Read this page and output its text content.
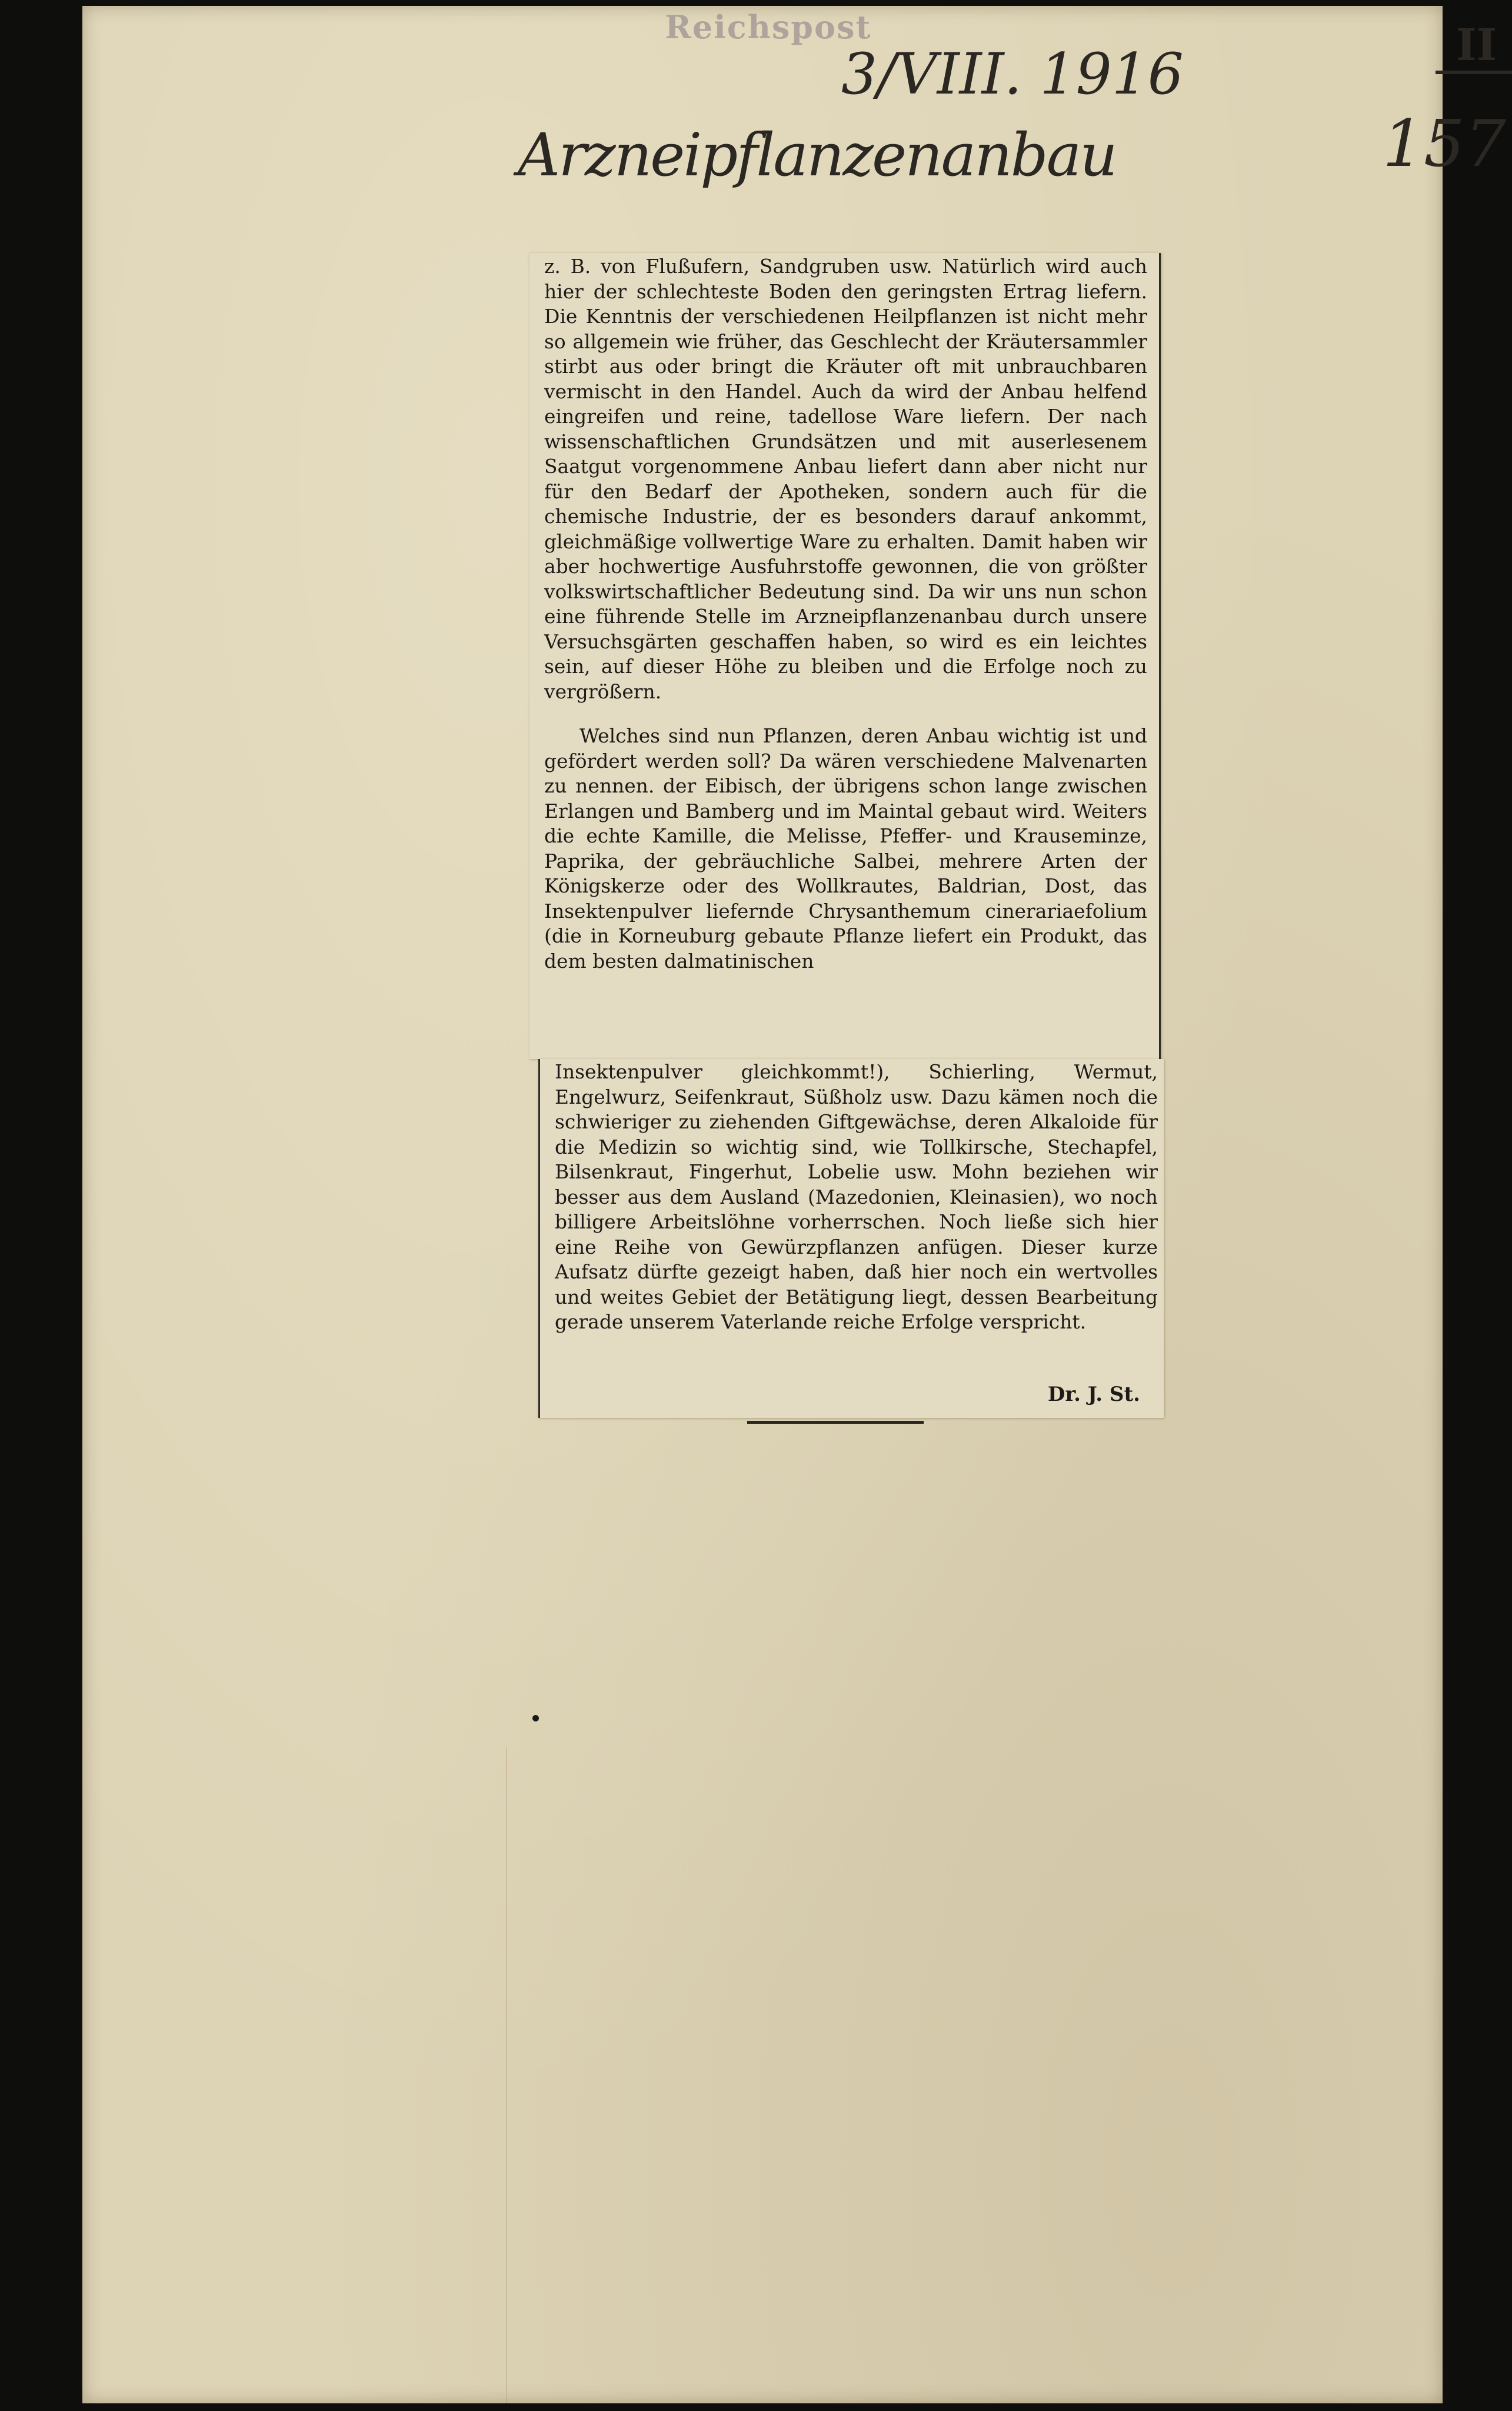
Reichspost
3/VIII. 1916	II
157
Arzneipflanzenanbau

z. B. von Flußufern, Sandgruben usw. Natürlich wird auch hier der schlechteste Boden den geringsten Ertrag liefern. Die Kenntnis der verschiedenen Heilpflanzen ist nicht mehr so allgemein wie früher, das Geschlecht der Kräutersammler stirbt aus oder bringt die Kräuter oft mit unbrauchbaren vermischt in den Handel. Auch da wird der Anbau helfend eingreifen und reine, tadellose Ware liefern. Der nach wissenschaftlichen Grundsätzen und mit auserlesenem Saatgut vorgenommene Anbau liefert dann aber nicht nur für den Bedarf der Apotheken, sondern auch für die chemische Industrie, der es besonders darauf ankommt, gleichmäßige vollwertige Ware zu erhalten. Damit haben wir aber hochwertige Ausfuhrstoffe gewonnen, die von größter volkswirtschaftlicher Bedeutung sind. Da wir uns nun schon eine führende Stelle im Arzneipflanzenanbau durch unsere Versuchsgärten geschaffen haben, so wird es ein leichtes sein, auf dieser Höhe zu bleiben und die Erfolge noch zu vergrößern.

Welches sind nun Pflanzen, deren Anbau wichtig ist und gefördert werden soll? Da wären verschiedene Malvenarten zu nennen. der Eibisch, der übrigens schon lange zwischen Erlangen und Bamberg und im Maintal gebaut wird. Weiters die echte Kamille, die Melisse, Pfeffer- und Krauseminze, Paprika, der gebräuchliche Salbei, mehrere Arten der Königskerze oder des Wollkrautes, Baldrian, Dost, das Insektenpulver liefernde Chrysanthemum cinerariaefolium (die in Korneuburg gebaute Pflanze liefert ein Produkt, das dem besten dalmatinischen

Insektenpulver gleichkommt!), Schierling, Wermut, Engelwurz, Seifenkraut, Süßholz usw. Dazu kämen noch die schwieriger zu ziehenden Giftgewächse, deren Alkaloide für die Medizin so wichtig sind, wie Tollkirsche, Stechapfel, Bilsenkraut, Fingerhut, Lobelie usw. Mohn beziehen wir besser aus dem Ausland (Mazedonien, Kleinasien), wo noch billigere Arbeitslöhne vorherrschen. Noch ließe sich hier eine Reihe von Gewürzpflanzen anfügen. Dieser kurze Aufsatz dürfte gezeigt haben, daß hier noch ein wertvolles und weites Gebiet der Betätigung liegt, dessen Bearbeitung gerade unserem Vaterlande reiche Erfolge verspricht.

Dr. J. St.
